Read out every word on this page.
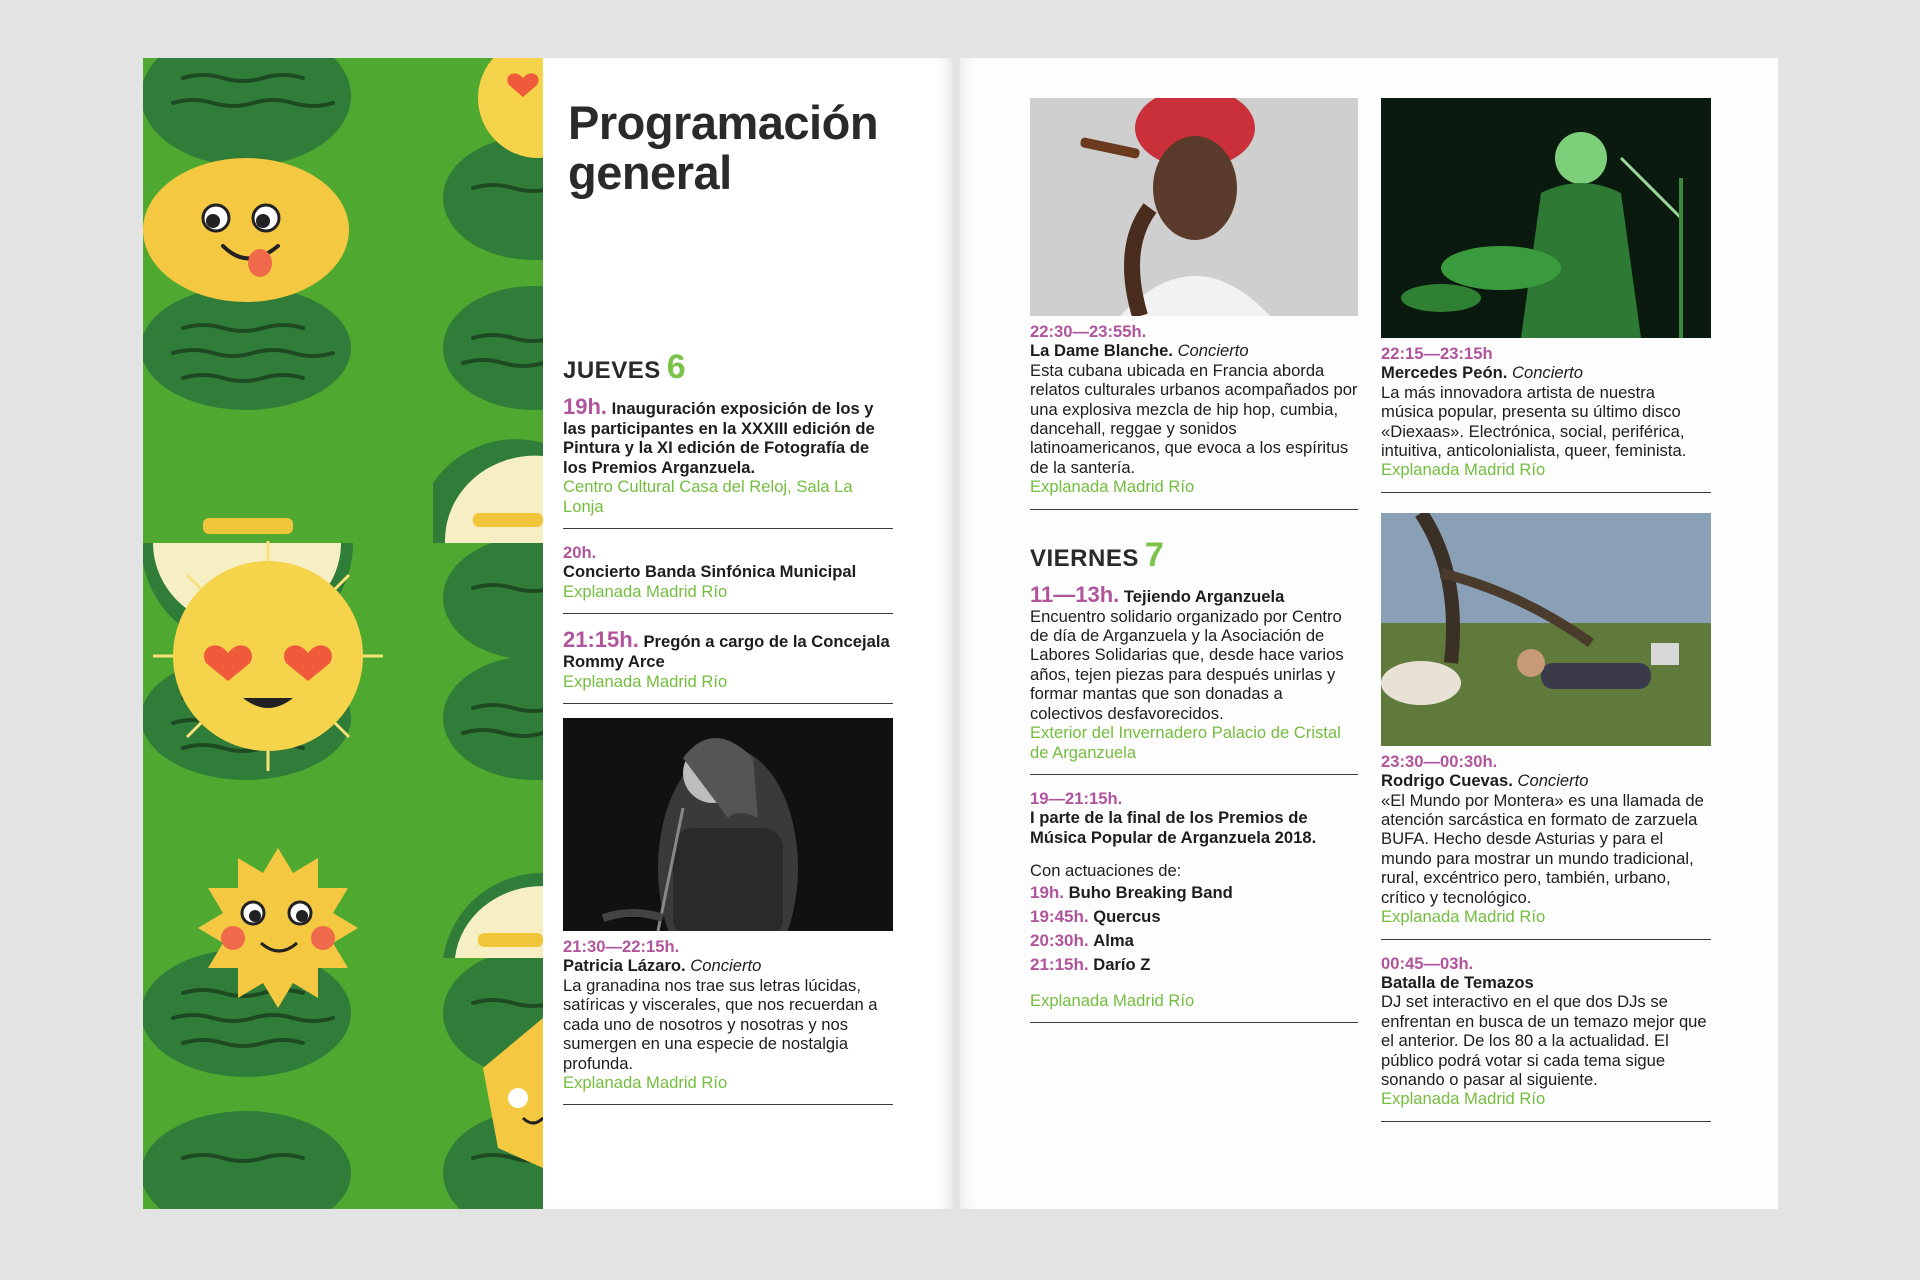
Programación
general

JUEVES 6

19h. Inauguración exposición de los y las participantes en la XXXIII edición de Pintura y la XI edición de Fotografía de los Premios Arganzuela.

Centro Cultural Casa del Reloj, Sala La Lonja

20h.

Concierto Banda Sinfónica Municipal

Explanada Madrid Río

21:15h. Pregón a cargo de la Concejala Rommy Arce

Explanada Madrid Río

21:30—22:15h.

Patricia Lázaro. Concierto

La granadina nos trae sus letras lúcidas, satíricas y viscerales, que nos recuerdan a cada uno de nosotros y nosotras y nos sumergen en una especie de nostalgia profunda.

Explanada Madrid Río

22:30—23:55h.

La Dame Blanche. Concierto

Esta cubana ubicada en Francia aborda relatos culturales urbanos acompañados por una explosiva mezcla de hip hop, cumbia, dancehall, reggae y sonidos latinoamericanos, que evoca a los espíritus de la santería.

Explanada Madrid Río

VIERNES 7

11—13h. Tejiendo Arganzuela

Encuentro solidario organizado por Centro de día de Arganzuela y la Asociación de Labores Solidarias que, desde hace varios años, tejen piezas para después unirlas y formar mantas que son donadas a colectivos desfavorecidos.

Exterior del Invernadero Palacio de Cristal de Arganzuela

19—21:15h.

I parte de la final de los Premios de Música Popular de Arganzuela 2018.

Con actuaciones de:

19h. Buho Breaking Band

19:45h. Quercus

20:30h. Alma

21:15h. Darío Z

Explanada Madrid Río

22:15—23:15h

Mercedes Peón. Concierto

La más innovadora artista de nuestra música popular, presenta su último disco «Diexaas». Electrónica, social, periférica, intuitiva, anticolonialista, queer, feminista.

Explanada Madrid Río

23:30—00:30h.

Rodrigo Cuevas. Concierto

«El Mundo por Montera» es una llamada de atención sarcástica en formato de zarzuela BUFA. Hecho desde Asturias y para el mundo para mostrar un mundo tradicional, rural, excéntrico pero, también, urbano, crítico y tecnológico.

Explanada Madrid Río

00:45—03h.

Batalla de Temazos

DJ set interactivo en el que dos DJs se enfrentan en busca de un temazo mejor que el anterior. De los 80 a la actualidad. El público podrá votar si cada tema sigue sonando o pasar al siguiente.

Explanada Madrid Río
